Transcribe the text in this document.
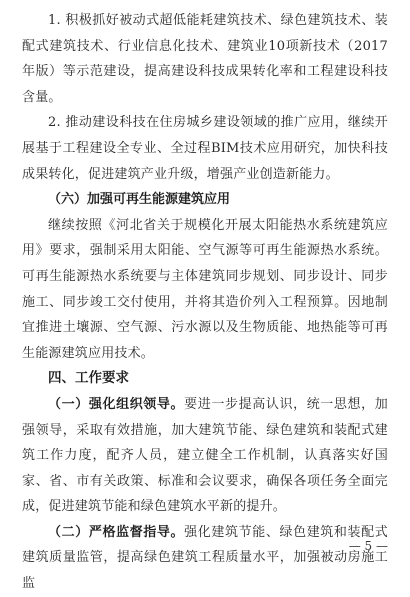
1. 积极抓好被动式超低能耗建筑技术、绿色建筑技术、装配式建筑技术、行业信息化技术、建筑业10项新技术（2017年版）等示范建设，提高建设科技成果转化率和工程建设科技含量。

2. 推动建设科技在住房城乡建设领域的推广应用，继续开展基于工程建设全专业、全过程BIM技术应用研究，加快科技成果转化，促进建筑产业升级，增强产业创造新能力。

（六）加强可再生能源建筑应用

继续按照《河北省关于规模化开展太阳能热水系统建筑应用》要求，强制采用太阳能、空气源等可再生能源热水系统。可再生能源热水系统要与主体建筑同步规划、同步设计、同步施工、同步竣工交付使用，并将其造价列入工程预算。因地制宜推进土壤源、空气源、污水源以及生物质能、地热能等可再生能源建筑应用技术。

四、工作要求

（一）强化组织领导。要进一步提高认识，统一思想，加强领导，采取有效措施，加大建筑节能、绿色建筑和装配式建筑工作力度，配齐人员，建立健全工作机制，认真落实好国家、省、市有关政策、标准和会议要求，确保各项任务全面完成，促进建筑节能和绿色建筑水平新的提升。

（二）严格监督指导。强化建筑节能、绿色建筑和装配式建筑质量监管，提高绿色建筑工程质量水平，加强被动房施工监

— 5 —
